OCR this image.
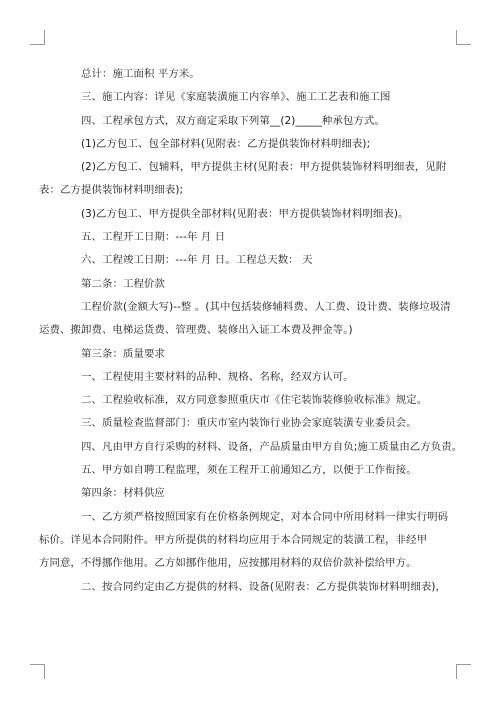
总计：施工面积 平方米。

三、施工内容：详见《家庭装潢施工内容单》、施工工艺表和施工图

四、工程承包方式，双方商定采取下列第__(2)_____种承包方式。

(1)乙方包工、包全部材料(见附表：乙方提供装饰材料明细表);

(2)乙方包工、包辅料，甲方提供主材(见附表：甲方提供装饰材料明细表，见附
表：乙方提供装饰材料明细表);

(3)乙方包工、甲方提供全部材料(见附表：甲方提供装饰材料明细表)。

五、工程开工日期：---年 月 日

六、工程竣工日期：---年 月 日。工程总天数： 天

第二条：工程价款

工程价款(金额大写)--整 。(其中包括装修辅料费、人工费、设计费、装修垃圾清
运费、搬卸费、电梯运货费、管理费、装修出入证工本费及押金等。)

第三条：质量要求

一、工程使用主要材料的品种、规格、名称，经双方认可。

二、工程验收标准，双方同意参照重庆市《住宅装饰装修验收标准》规定。

三、质量检查监督部门：重庆市室内装饰行业协会家庭装潢专业委员会。

四、凡由甲方自行采购的材料、设备，产品质量由甲方自负;施工质量由乙方负责。

五、甲方如自聘工程监理，须在工程开工前通知乙方，以便于工作衔接。

第四条：材料供应

一、乙方须严格按照国家有在价格条例规定，对本合同中所用材料一律实行明码
标价。详见本合同附件。甲方所提供的材料均应用于本合同规定的装潢工程，非经甲
方同意，不得挪作他用。乙方如挪作他用，应按挪用材料的双倍价款补偿给甲方。

二、按合同约定由乙方提供的材料、设备(见附表：乙方提供装饰材料明细表)，
